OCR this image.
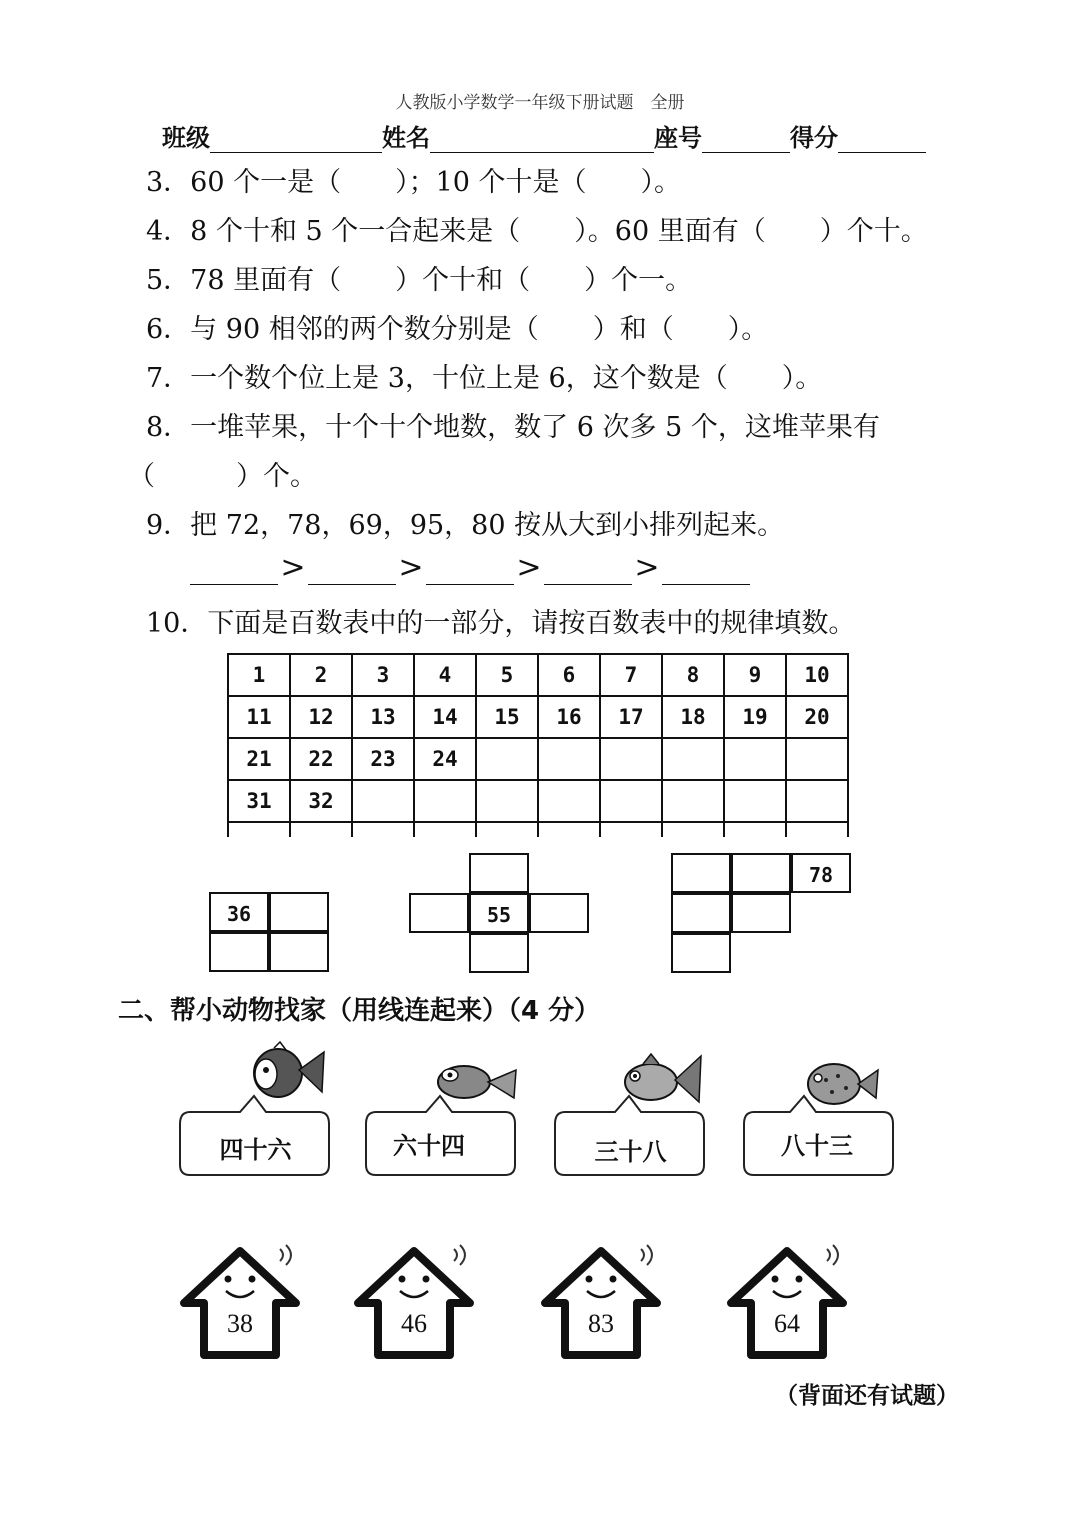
人教版小学数学一年级下册试题　全册
班级	姓名	座号	得分
3．60 个一是（　　）；10 个十是（　　）。
4．8 个十和 5 个一合起来是（　　）。60 里面有（　　）个十。
5．78 里面有（　　）个十和（　　）个一。
6．与 90 相邻的两个数分别是（　　）和（　　）。
7．一个数个位上是 3，十位上是 6，这个数是（　　）。
8．一堆苹果，十个十个地数，数了 6 次多 5 个，这堆苹果有
（　　　）个。
9．把 72，78，69，95，80 按从大到小排列起来。
>	>	>	>
10．下面是百数表中的一部分，请按百数表中的规律填数。
1	2	3	4	5	6	7	8	9	10
11	12	13	14	15	16	17	18	19	20
21	22	23	24						
31	32								

36	55
78
二、帮小动物找家（用线连起来）（4 分）
四十六	六十四	三十八	八十三
38	46	83	64
（背面还有试题）
